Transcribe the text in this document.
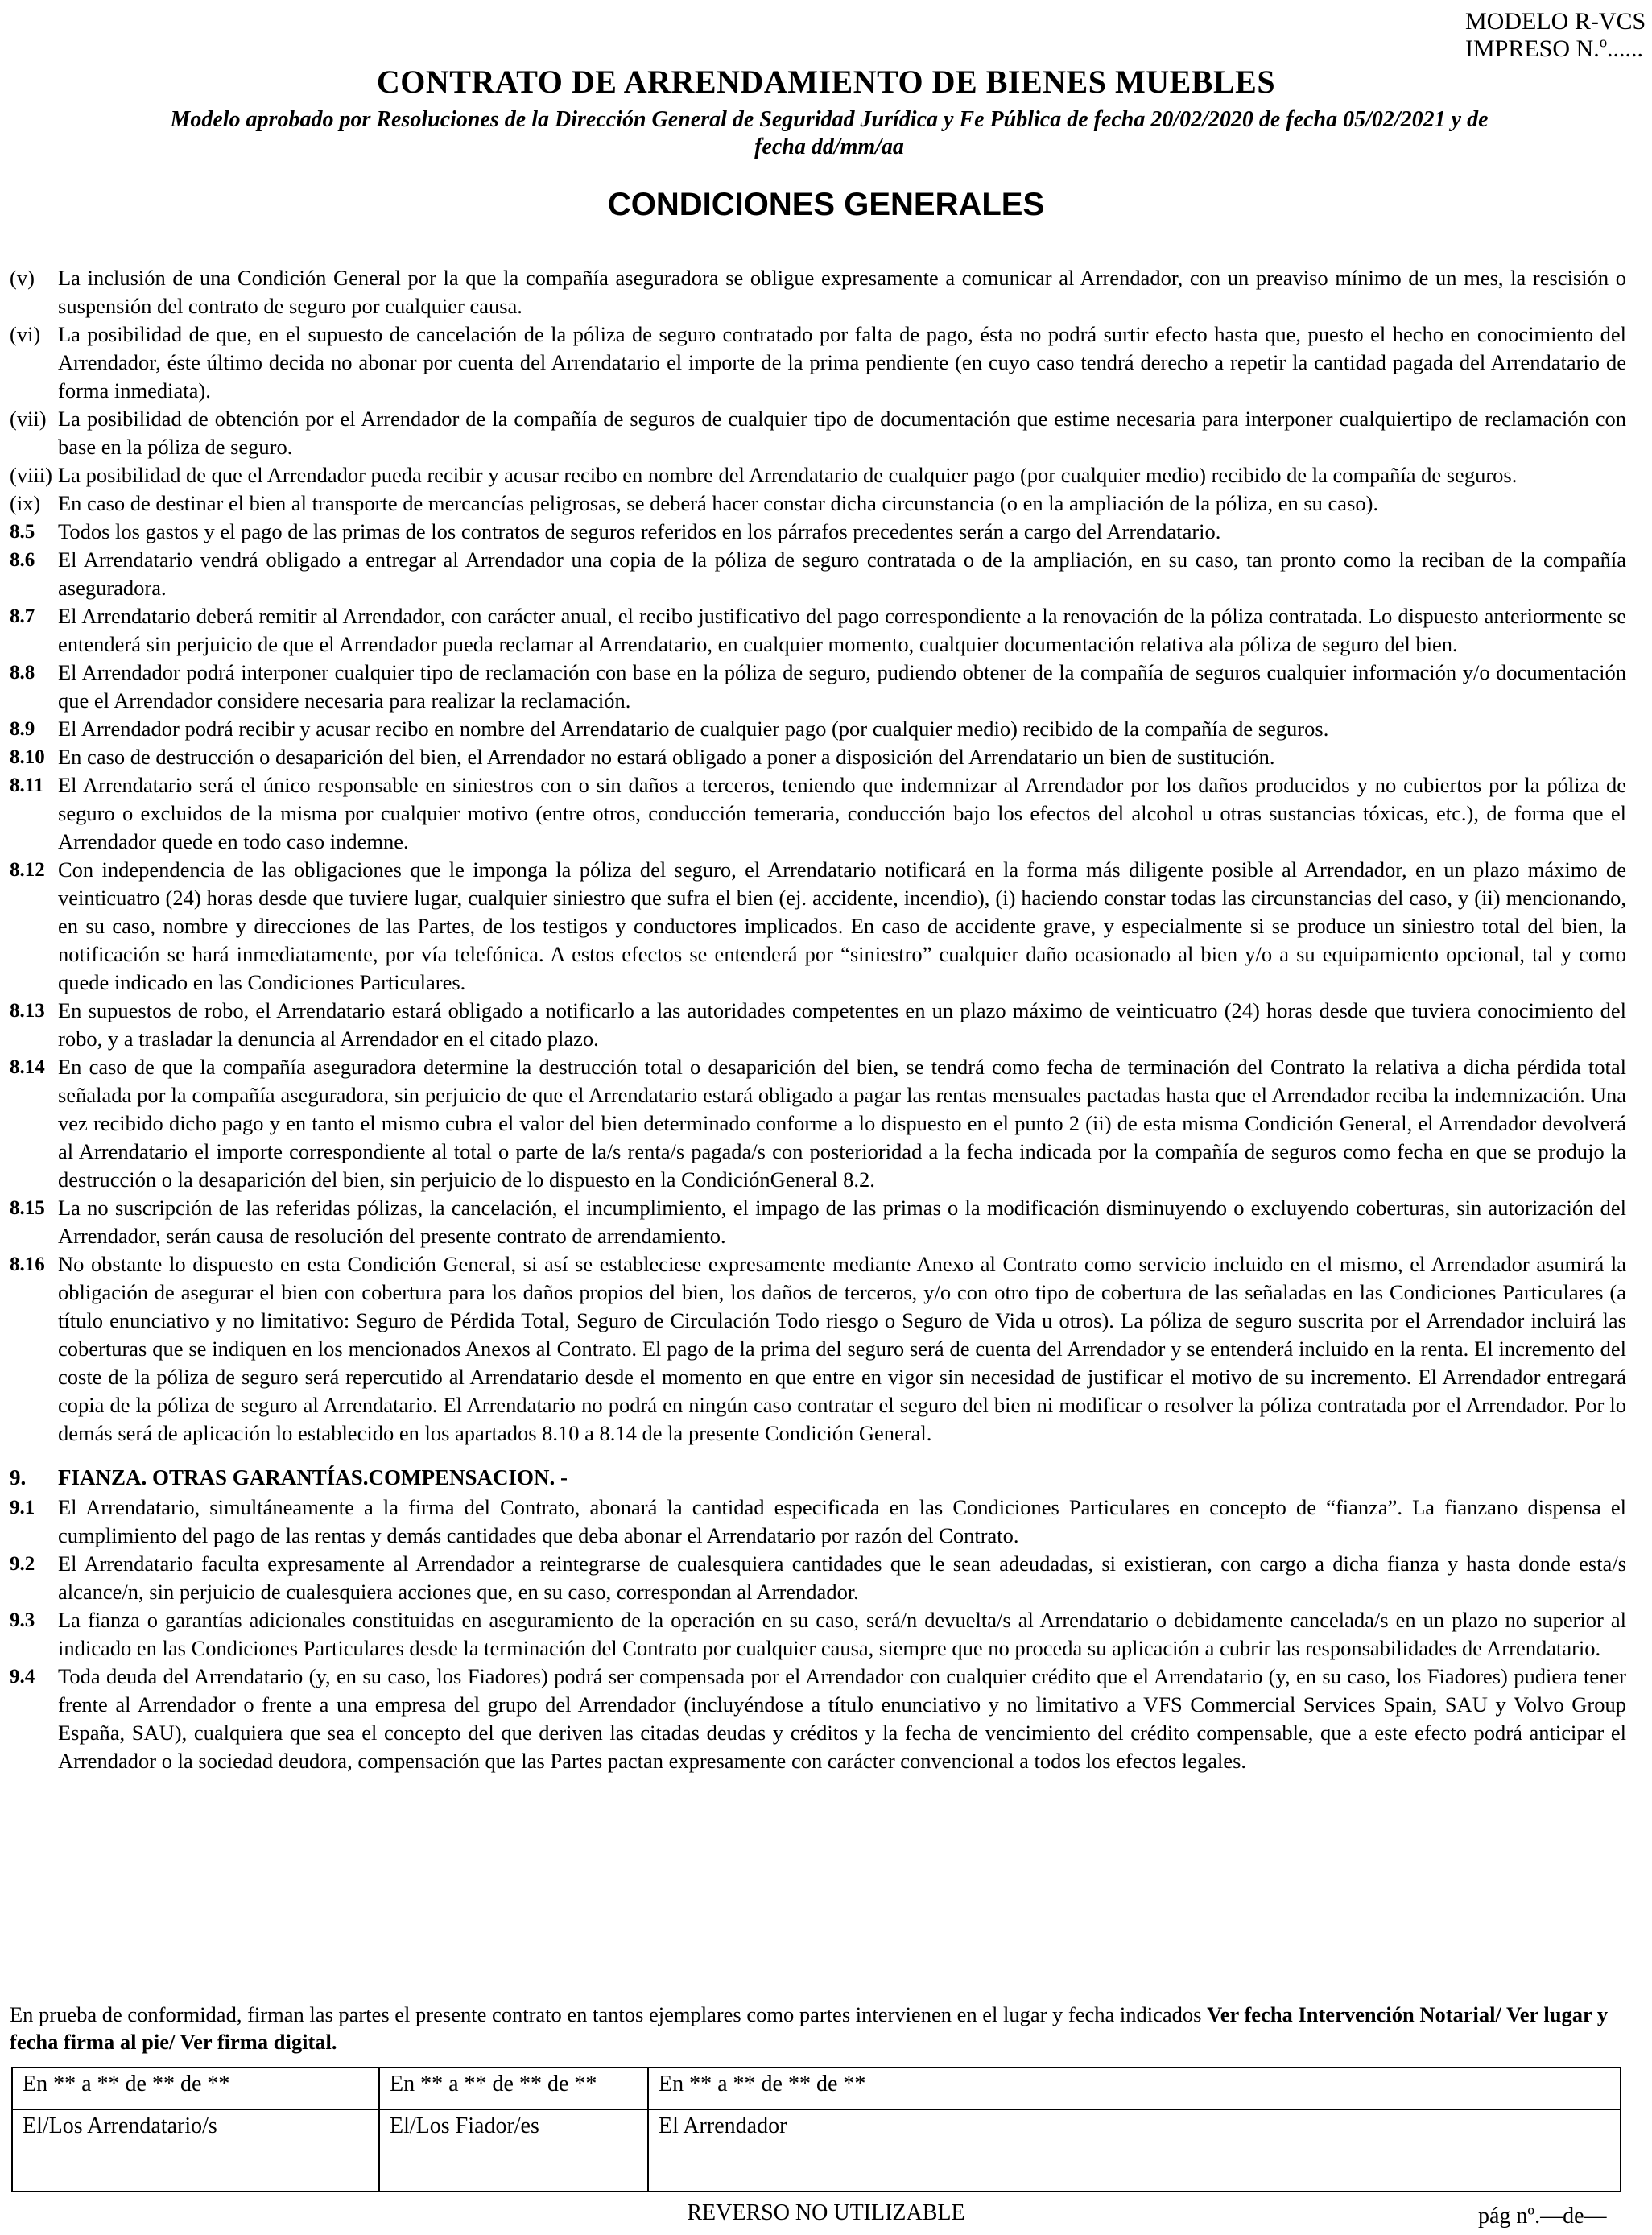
MODELO R-VCS
IMPRESO N.º......
CONTRATO DE ARRENDAMIENTO DE BIENES MUEBLES
Modelo aprobado por Resoluciones de la Dirección General de Seguridad Jurídica y Fe Pública de fecha 20/02/2020 de fecha 05/02/2021 y de fecha dd/mm/aa
CONDICIONES GENERALES
(v)	La inclusión de una Condición General por la que la compañía aseguradora se obligue expresamente a comunicar al Arrendador, con un preaviso mínimo de un mes, la rescisión o suspensión del contrato de seguro por cualquier causa.
(vi) La posibilidad de que, en el supuesto de cancelación de la póliza de seguro contratado por falta de pago, ésta no podrá surtir efecto hasta que, puesto el hecho en conocimiento del Arrendador, éste último decida no abonar por cuenta del Arrendatario el importe de la prima pendiente (en cuyo caso tendrá derecho a repetir la cantidad pagada del Arrendatario de forma inmediata).
(vii) La posibilidad de obtención por el Arrendador de la compañía de seguros de cualquier tipo de documentación que estime necesaria para interponer cualquiertipo de reclamación con base en la póliza de seguro.
(viii) La posibilidad de que el Arrendador pueda recibir y acusar recibo en nombre del Arrendatario de cualquier pago (por cualquier medio) recibido de la compañía de seguros.
(ix) En caso de destinar el bien al transporte de mercancías peligrosas, se deberá hacer constar dicha circunstancia (o en la ampliación de la póliza, en su caso).
8.5	Todos los gastos y el pago de las primas de los contratos de seguros referidos en los párrafos precedentes serán a cargo del Arrendatario.
8.6	El Arrendatario vendrá obligado a entregar al Arrendador una copia de la póliza de seguro contratada o de la ampliación, en su caso, tan pronto como la reciban de la compañía aseguradora.
8.7	El Arrendatario deberá remitir al Arrendador, con carácter anual, el recibo justificativo del pago correspondiente a la renovación de la póliza contratada. Lo dispuesto anteriormente se entenderá sin perjuicio de que el Arrendador pueda reclamar al Arrendatario, en cualquier momento, cualquier documentación relativa ala póliza de seguro del bien.
8.8	El Arrendador podrá interponer cualquier tipo de reclamación con base en la póliza de seguro, pudiendo obtener de la compañía de seguros cualquier información y/o documentación que el Arrendador considere necesaria para realizar la reclamación.
8.9	El Arrendador podrá recibir y acusar recibo en nombre del Arrendatario de cualquier pago (por cualquier medio) recibido de la compañía de seguros.
8.10 En caso de destrucción o desaparición del bien, el Arrendador no estará obligado a poner a disposición del Arrendatario un bien de sustitución.
8.11 El Arrendatario será el único responsable en siniestros con o sin daños a terceros, teniendo que indemnizar al Arrendador por los daños producidos y no cubiertos por la póliza de seguro o excluidos de la misma por cualquier motivo (entre otros, conducción temeraria, conducción bajo los efectos del alcohol u otras sustancias tóxicas, etc.), de forma que el Arrendador quede en todo caso indemne.
8.12 Con independencia de las obligaciones que le imponga la póliza del seguro, el Arrendatario notificará en la forma más diligente posible al Arrendador, en un plazo máximo de veinticuatro (24) horas desde que tuviere lugar, cualquier siniestro que sufra el bien (ej. accidente, incendio), (i) haciendo constar todas las circunstancias del caso, y (ii) mencionando, en su caso, nombre y direcciones de las Partes, de los testigos y conductores implicados. En caso de accidente grave, y especialmente si se produce un siniestro total del bien, la notificación se hará inmediatamente, por vía telefónica. A estos efectos se entenderá por “siniestro” cualquier daño ocasionado al bien y/o a su equipamiento opcional, tal y como quede indicado en las Condiciones Particulares.
8.13 En supuestos de robo, el Arrendatario estará obligado a notificarlo a las autoridades competentes en un plazo máximo de veinticuatro (24) horas desde que tuviera conocimiento del robo, y a trasladar la denuncia al Arrendador en el citado plazo.
8.14 En caso de que la compañía aseguradora determine la destrucción total o desaparición del bien, se tendrá como fecha de terminación del Contrato la relativa a dicha pérdida total señalada por la compañía aseguradora, sin perjuicio de que el Arrendatario estará obligado a pagar las rentas mensuales pactadas hasta que el Arrendador reciba la indemnización. Una vez recibido dicho pago y en tanto el mismo cubra el valor del bien determinado conforme a lo dispuesto en el punto 2 (ii) de esta misma Condición General, el Arrendador devolverá al Arrendatario el importe correspondiente al total o parte de la/s renta/s pagada/s con posterioridad a la fecha indicada por la compañía de seguros como fecha en que se produjo la destrucción o la desaparición del bien, sin perjuicio de lo dispuesto en la CondiciónGeneral 8.2.
8.15 La no suscripción de las referidas pólizas, la cancelación, el incumplimiento, el impago de las primas o la modificación disminuyendo o excluyendo coberturas, sin autorización del Arrendador, serán causa de resolución del presente contrato de arrendamiento.
8.16 No obstante lo dispuesto en esta Condición General, si así se estableciese expresamente mediante Anexo al Contrato como servicio incluido en el mismo, el Arrendador asumirá la obligación de asegurar el bien con cobertura para los daños propios del bien, los daños de terceros, y/o con otro tipo de cobertura de las señaladas en las Condiciones Particulares (a título enunciativo y no limitativo: Seguro de Pérdida Total, Seguro de Circulación Todo riesgo o Seguro de Vida u otros). La póliza de seguro suscrita por el Arrendador incluirá las coberturas que se indiquen en los mencionados Anexos al Contrato. El pago de la prima del seguro será de cuenta del Arrendador y se entenderá incluido en la renta. El incremento del coste de la póliza de seguro será repercutido al Arrendatario desde el momento en que entre en vigor sin necesidad de justificar el motivo de su incremento. El Arrendador entregará copia de la póliza de seguro al Arrendatario. El Arrendatario no podrá en ningún caso contratar el seguro del bien ni modificar o resolver la póliza contratada por el Arrendador. Por lo demás será de aplicación lo establecido en los apartados 8.10 a 8.14 de la presente Condición General.
9.	FIANZA. OTRAS GARANTÍAS.COMPENSACION. -
9.1	El Arrendatario, simultáneamente a la firma del Contrato, abonará la cantidad especificada en las Condiciones Particulares en concepto de “fianza”. La fianzano dispensa el cumplimiento del pago de las rentas y demás cantidades que deba abonar el Arrendatario por razón del Contrato.
9.2	El Arrendatario faculta expresamente al Arrendador a reintegrarse de cualesquiera cantidades que le sean adeudadas, si existieran, con cargo a dicha fianza y hasta donde esta/s alcance/n, sin perjuicio de cualesquiera acciones que, en su caso, correspondan al Arrendador.
9.3	La fianza o garantías adicionales constituidas en aseguramiento de la operación en su caso, será/n devuelta/s al Arrendatario o debidamente cancelada/s en un plazo no superior al indicado en las Condiciones Particulares desde la terminación del Contrato por cualquier causa, siempre que no proceda su aplicación a cubrir las responsabilidades de Arrendatario.
9.4	Toda deuda del Arrendatario (y, en su caso, los Fiadores) podrá ser compensada por el Arrendador con cualquier crédito que el Arrendatario (y, en su caso, los Fiadores) pudiera tener frente al Arrendador o frente a una empresa del grupo del Arrendador (incluyéndose a título enunciativo y no limitativo a VFS Commercial Services Spain, SAU y Volvo Group España, SAU), cualquiera que sea el concepto del que deriven las citadas deudas y créditos y la fecha de vencimiento del crédito compensable, que a este efecto podrá anticipar el Arrendador o la sociedad deudora, compensación que las Partes pactan expresamente con carácter convencional a todos los efectos legales.
En prueba de conformidad, firman las partes el presente contrato en tantos ejemplares como partes intervienen en el lugar y fecha indicados Ver fecha Intervención Notarial/ Ver lugar y fecha firma al pie/ Ver firma digital.
En ** a ** de ** de **	En ** a ** de ** de **	En ** a ** de ** de **
El/Los Arrendatario/s	El/Los Fiador/es	El Arrendador
REVERSO NO UTILIZABLE	pág nº.—de—
